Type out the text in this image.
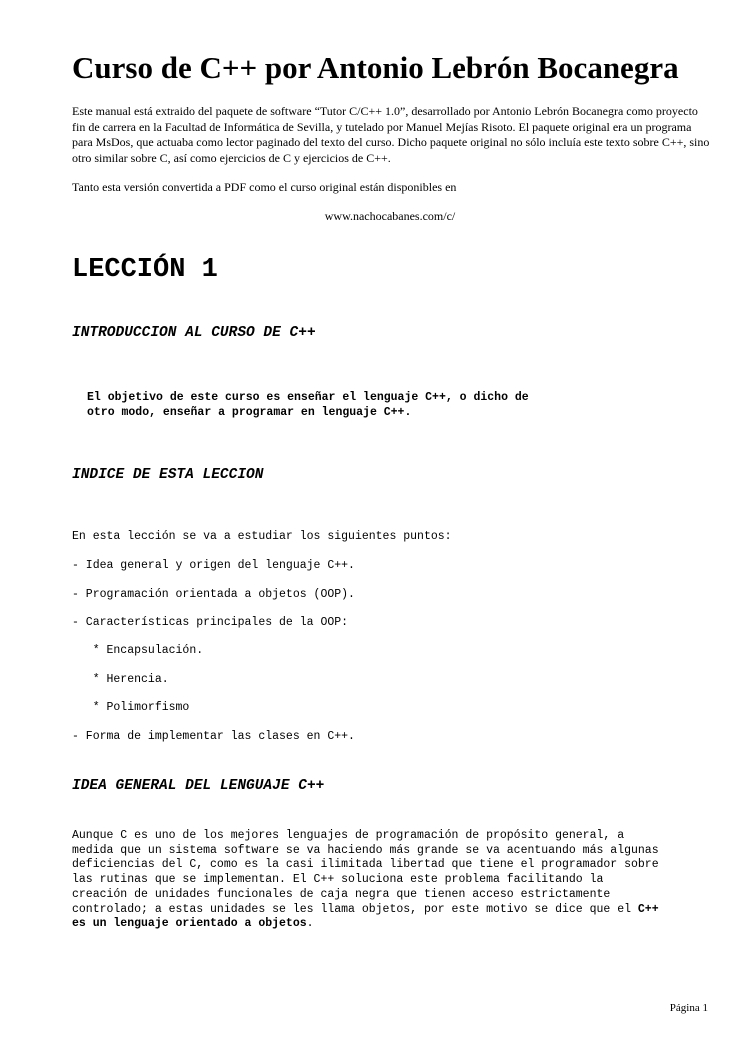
Curso de C++ por Antonio Lebrón Bocanegra
Este manual está extraido del paquete de software “Tutor C/C++ 1.0”, desarrollado por Antonio Lebrón Bocanegra como proyecto fin de carrera en la Facultad de Informática de Sevilla, y tutelado por Manuel Mejías Risoto. El paquete original era un programa para MsDos, que actuaba como lector paginado del texto del curso. Dicho paquete original no sólo incluía este texto sobre C++, sino otro similar sobre C, así como ejercicios de C y ejercicios de C++.
Tanto esta versión convertida a PDF como el curso original están disponibles en
www.nachocabanes.com/c/
LECCIÓN 1
INTRODUCCION AL CURSO DE C++
El objetivo de este curso es enseñar el lenguaje C++, o dicho de
otro modo, enseñar a programar en lenguaje C++.
INDICE DE ESTA LECCION
En esta lección se va a estudiar los siguientes puntos:
- Idea general y origen del lenguaje C++.
- Programación orientada a objetos (OOP).
- Características principales de la OOP:
* Encapsulación.
* Herencia.
* Polimorfismo
- Forma de implementar las clases en C++.
IDEA GENERAL DEL LENGUAJE C++
Aunque C es uno de los mejores lenguajes de programación de propósito general, a
medida que un sistema software se va haciendo más grande se va acentuando más algunas
deficiencias del C, como es la casi ilimitada libertad que tiene el programador sobre
las rutinas que se implementan. El C++ soluciona este problema facilitando la
creación de unidades funcionales de caja negra que tienen acceso estrictamente
controlado; a estas unidades se les llama objetos, por este motivo se dice que el C++
es un lenguaje orientado a objetos.
Página 1
